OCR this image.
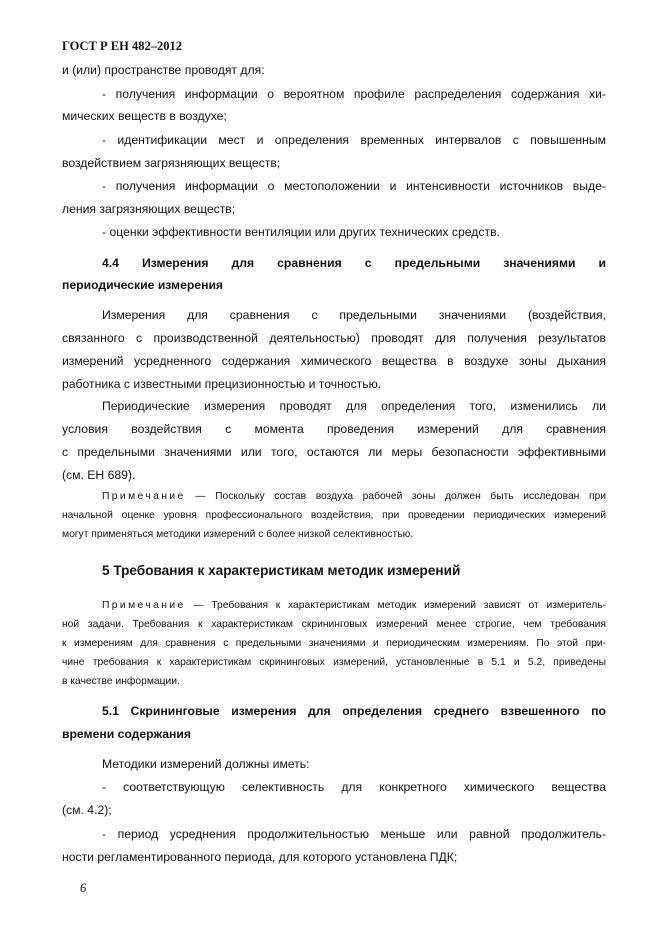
ГОСТ Р ЕН 482–2012
и (или) пространстве проводят для:
- получения информации о вероятном профиле распределения содержания хи-
мических веществ в воздухе;
- идентификации мест и определения временных интервалов с повышенным
воздействием загрязняющих веществ;
- получения информации о местоположении и интенсивности источников выде-
ления загрязняющих веществ;
- оценки эффективности вентиляции или других технических средств.
4.4 Измерения для сравнения с предельными значениями и
периодические измерения
Измерения для сравнения с предельными значениями (воздействия,
связанного с производственной деятельностью) проводят для получения результатов
измерений усредненного содержания химического вещества в воздухе зоны дыхания
работника с известными прецизионностью и точностью.
Периодические измерения проводят для определения того, изменились ли
условия воздействия с момента проведения измерений для сравнения
с предельными значениями или того, остаются ли меры безопасности эффективными
(см. ЕН 689).
Примечание — Поскольку состав воздуха рабочей зоны должен быть исследован при
начальной оценке уровня профессионального воздействия, при проведении периодических измерений
могут применяться методики измерений с более низкой селективностью.
5 Требования к характеристикам методик измерений
Примечание — Требования к характеристикам методик измерений зависят от измеритель-
ной задачи. Требования к характеристикам скрининговых измерений менее строгие, чем требования
к измерениям для сравнения с предельными значениями и периодическим измерениям. По этой при-
чине требования к характеристикам скрининговых измерений, установленные в 5.1 и 5.2, приведены
в качестве информации.
5.1 Скрининговые измерения для определения среднего взвешенного по
времени содержания
Методики измерений должны иметь:
- соответствующую селективность для конкретного химического вещества
(см. 4.2);
- период усреднения продолжительностью меньше или равной продолжитель-
ности регламентированного периода, для которого установлена ПДК;
6
